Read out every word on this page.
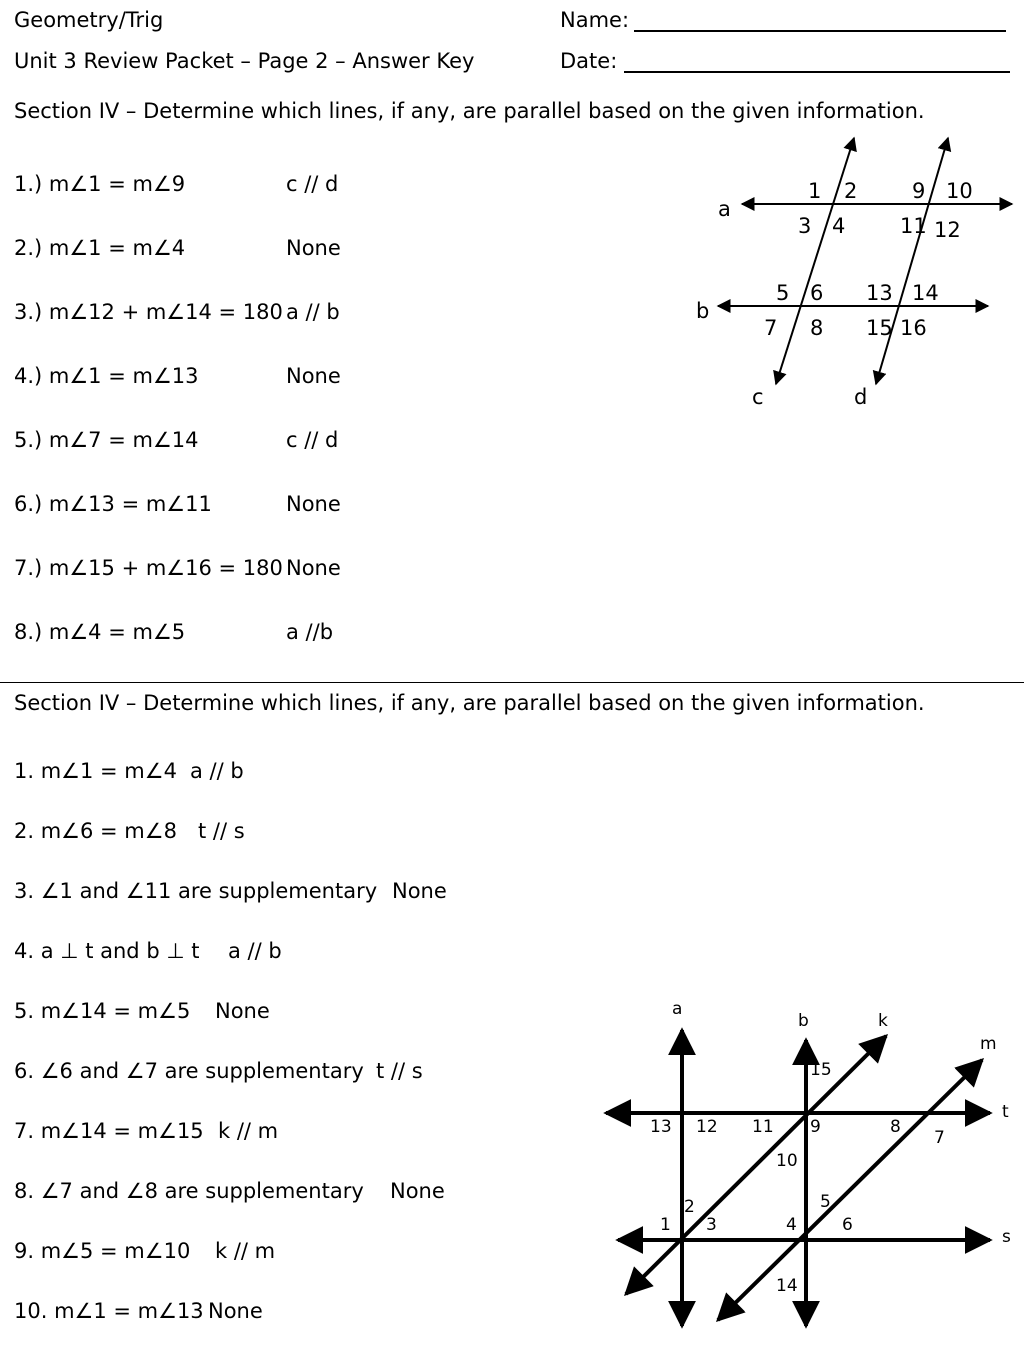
Geometry/Trig
Unit 3 Review Packet – Page 2 – Answer Key
Name:
Date:
Section IV – Determine which lines, if any, are parallel based on the given information.
1.) m∠1 = m∠9	c // d
2.) m∠1 = m∠4	None
3.) m∠12 + m∠14 = 180 a // b
4.) m∠1 = m∠13	None
5.) m∠7 = m∠14	c // d
6.) m∠13 = m∠11	None
7.) m∠15 + m∠16 = 180 None
8.) m∠4 = m∠5	a //b
a
b
c	d
1 2
3 4
5 6
7 8
9 10
11 12
13 14
15 16
Section IV – Determine which lines, if any, are parallel based on the given information.
1. m∠1 = m∠4 a // b
2. m∠6 = m∠8 t // s
3. ∠1 and ∠11 are supplementary None
4. a ⊥ t and b ⊥ t a // b
5. m∠14 = m∠5 None
6. ∠6 and ∠7 are supplementary t // s
7. m∠14 = m∠15 k // m
8. ∠7 and ∠8 are supplementary None
9. m∠5 = m∠10 k // m
10. m∠1 = m∠13 None
a
b	k
m
t
s
1
2
3	4
5
6
7
8
9
10
11
12
13
14
15
